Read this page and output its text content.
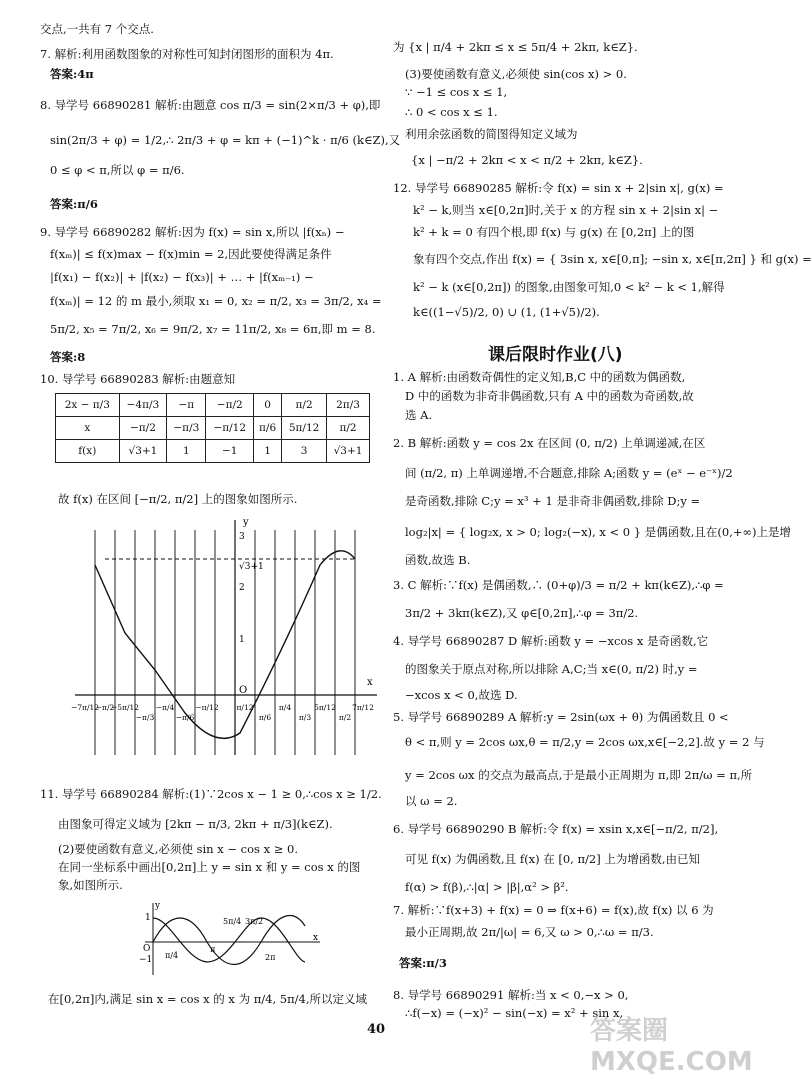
交点,一共有 7 个交点.
7. 解析:利用函数图象的对称性可知封闭图形的面积为 4π.
答案:4π
8. 导学号 66890281 解析:由题意 cos π/3 = sin(2×π/3 + φ),即
sin(2π/3 + φ) = 1/2,∴ 2π/3 + φ = kπ + (−1)^k · π/6 (k∈Z),又
0 ≤ φ < π,所以 φ = π/6.
答案:π/6
9. 导学号 66890282 解析:因为 f(x) = sin x,所以 |f(xₙ) −
f(xₘ)| ≤ f(x)max − f(x)min = 2,因此要使得满足条件
|f(x₁) − f(x₂)| + |f(x₂) − f(x₃)| + … + |f(xₘ₋₁) −
f(xₘ)| = 12 的 m 最小,须取 x₁ = 0, x₂ = π/2, x₃ = 3π/2, x₄ =
5π/2, x₅ = 7π/2, x₆ = 9π/2, x₇ = 11π/2, x₈ = 6π,即 m = 8.
答案:8
10. 导学号 66890283 解析:由题意知
2x − π/3	−4π/3	−π	−π/2	0	π/2	2π/3
x	−π/2	−π/3	−π/12	π/6	5π/12	π/2
f(x)	√3+1	1	−1	1	3	√3+1
故 f(x) 在区间 [−π/2, π/2] 上的图象如图所示.
y
x
O
3
√3+1
2
1
−7π/12
−π/2
−5π/12
−π/3
−π/4
−π/6
−π/12 π/12
π/6
π/4
π/3
5π/12
π/2
7π/12
11. 导学号 66890284 解析:(1)∵2cos x − 1 ≥ 0,∴cos x ≥ 1/2.
由图象可得定义域为 [2kπ − π/3, 2kπ + π/3](k∈Z).
(2)要使函数有意义,必须使 sin x − cos x ≥ 0.
在同一坐标系中画出[0,2π]上 y = sin x 和 y = cos x 的图
象,如图所示.
y
x
O
1
−1 π/4
5π/4 3π/2
π
2π
在[0,2π]内,满足 sin x = cos x 的 x 为 π/4, 5π/4,所以定义域
为 {x | π/4 + 2kπ ≤ x ≤ 5π/4 + 2kπ, k∈Z}.
(3)要使函数有意义,必须使 sin(cos x) > 0.
∵ −1 ≤ cos x ≤ 1,
∴ 0 < cos x ≤ 1.
利用余弦函数的简图得知定义域为
{x | −π/2 + 2kπ < x < π/2 + 2kπ, k∈Z}.
12. 导学号 66890285 解析:令 f(x) = sin x + 2|sin x|, g(x) =
k² − k,则当 x∈[0,2π]时,关于 x 的方程 sin x + 2|sin x| −
k² + k = 0 有四个根,即 f(x) 与 g(x) 在 [0,2π] 上的图
象有四个交点,作出 f(x) = { 3sin x, x∈[0,π]; −sin x, x∈[π,2π] } 和 g(x) =
k² − k (x∈[0,2π]) 的图象,由图象可知,0 < k² − k < 1,解得
k∈((1−√5)/2, 0) ∪ (1, (1+√5)/2).
课后限时作业(八)
1. A 解析:由函数奇偶性的定义知,B,C 中的函数为偶函数,
D 中的函数为非奇非偶函数,只有 A 中的函数为奇函数,故
选 A.
2. B 解析:函数 y = cos 2x 在区间 (0, π/2) 上单调递减,在区
间 (π/2, π) 上单调递增,不合题意,排除 A;函数 y = (eˣ − e⁻ˣ)/2
是奇函数,排除 C;y = x³ + 1 是非奇非偶函数,排除 D;y =
log₂|x| = { log₂x, x > 0; log₂(−x), x < 0 } 是偶函数,且在(0,+∞)上是增
函数,故选 B.
3. C 解析:∵f(x) 是偶函数,∴ (0+φ)/3 = π/2 + kπ(k∈Z),∴φ =
3π/2 + 3kπ(k∈Z),又 φ∈[0,2π],∴φ = 3π/2.
4. 导学号 66890287 D 解析:函数 y = −xcos x 是奇函数,它
的图象关于原点对称,所以排除 A,C;当 x∈(0, π/2) 时,y =
−xcos x < 0,故选 D.
5. 导学号 66890289 A 解析:y = 2sin(ωx + θ) 为偶函数且 0 <
θ < π,则 y = 2cos ωx,θ = π/2,y = 2cos ωx,x∈[−2,2].故 y = 2 与
y = 2cos ωx 的交点为最高点,于是最小正周期为 π,即 2π/ω = π,所
以 ω = 2.
6. 导学号 66890290 B 解析:令 f(x) = xsin x,x∈[−π/2, π/2],
可见 f(x) 为偶函数,且 f(x) 在 [0, π/2] 上为增函数,由已知
f(α) > f(β),∴|α| > |β|,α² > β².
7. 解析:∵f(x+3) + f(x) = 0 ⇒ f(x+6) = f(x),故 f(x) 以 6 为
最小正周期,故 2π/|ω| = 6,又 ω > 0,∴ω = π/3.
答案:π/3
8. 导学号 66890291 解析:当 x < 0,−x > 0,
∴f(−x) = (−x)² − sin(−x) = x² + sin x,
40	答案圈 MXQE.COM
